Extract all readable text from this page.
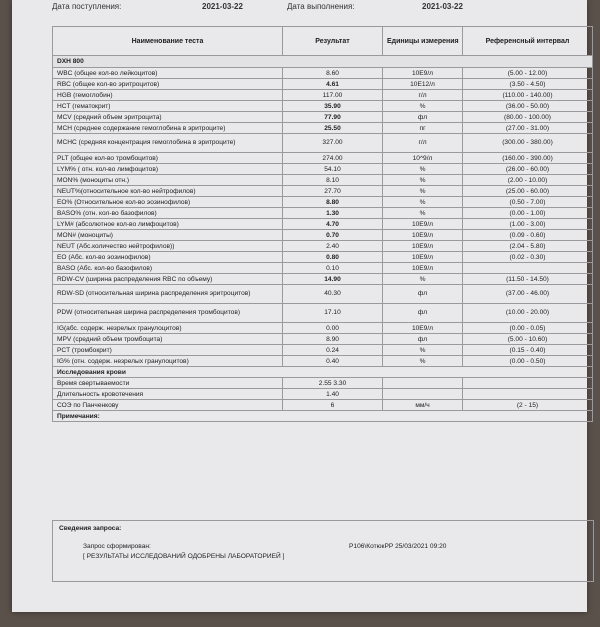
Дата поступления:	2021-03-22	Дата выполнения:	2021-03-22
Наименование теста	Результат	Единицы измерения	Референсный интервал
DXH 800			
WBC (общее кол-во лейкоцитов)	8.60	10E9/л	(5.00 - 12.00)
RBC (общее кол-во эритроцитов)	4.61	10E12/л	(3.50 - 4.50)
HGB (гемоглобин)	117.00	г/л	(110.00 - 140.00)
HCT (гематокрит)	35.90	%	(36.00 - 50.00)
MCV (средний объем эритроцита)	77.90	фл	(80.00 - 100.00)
MCH (среднее содержание гемоглобина в эритроците)	25.50	пг	(27.00 - 31.00)
MCHC (средняя концентрация гемоглобина в эритроците)	327.00	г/л	(300.00 - 380.00)
PLT (общее кол-во тромбоцитов)	274.00	10^9/л	(160.00 - 390.00)
LYM% ( отн. кол-во лимфоцитов)	54.10	%	(26.00 - 60.00)
MON% (моноциты отн.)	8.10	%	(2.00 - 10.00)
NEUT%(относительное кол-во нейтрофилов)	27.70	%	(25.00 - 60.00)
EO% (Относительное кол-во эозинофилов)	8.80	%	(0.50 - 7.00)
BASO% (отн. кол-во базофилов)	1.30	%	(0.00 - 1.00)
LYM# (абсолютное кол-во лимфоцитов)	4.70	10E9/л	(1.00 - 3.00)
MON# (моноциты)	0.70	10E9/л	(0.09 - 0.60)
NEUT (Абс.количество нейтрофилов))	2.40	10E9/л	(2.04 - 5.80)
EO (Абс. кол-во эозинофилов)	0.80	10E9/л	(0.02 - 0.30)
BASO (Абс. кол-во базофилов)	0.10	10E9/л	
RDW-CV (ширина распределения RBC по объему)	14.90	%	(11.50 - 14.50)
RDW-SD (относительная ширина распределения эритроцитов)	40.30	фл	(37.00 - 46.00)
PDW (относительная ширина распределения тромбоцитов)	17.10	фл	(10.00 - 20.00)
IG(абс. содерж. незрелых гранулоцитов)	0.00	10E9/л	(0.00 - 0.05)
MPV (средний объем тромбоцита)	8.90	фл	(5.00 - 10.60)
PCT (тромбокрит)	0.24	%	(0.15 - 0.40)
IG% (отн. содерж. незрелых гранулоцитов)	0.40	%	(0.00 - 0.50)
Исследования крови			
Время свертываемости	2.55 3.30		
Длительность кровотечения	1.40		
СОЭ по Панченкову	6	мм/ч	(2 - 15)
Примечания:			
Сведения запроса:
Запрос сформирован:
[ РЕЗУЛЬТАТЫ ИССЛЕДОВАНИЙ ОДОБРЕНЫ ЛАБОРАТОРИЕЙ ]
P106\КотюкРР 25/03/2021 09:20
